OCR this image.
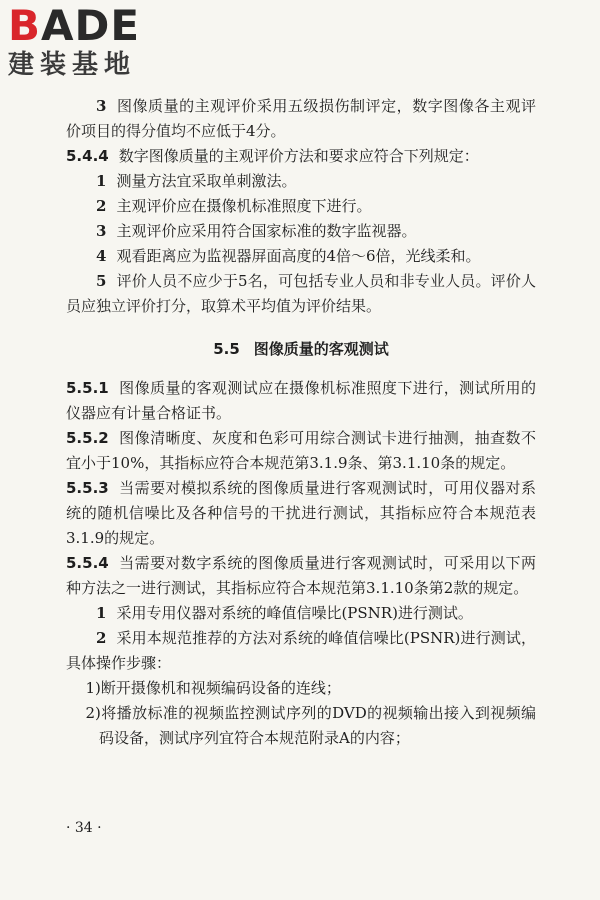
BADE
建装基地
3 图像质量的主观评价采用五级损伤制评定，数字图像各主观评价项目的得分值均不应低于4分。
5.4.4 数字图像质量的主观评价方法和要求应符合下列规定：
1 测量方法宜采取单刺激法。
2 主观评价应在摄像机标准照度下进行。
3 主观评价应采用符合国家标准的数字监视器。
4 观看距离应为监视器屏面高度的4倍～6倍，光线柔和。
5 评价人员不应少于5名，可包括专业人员和非专业人员。评价人员应独立评价打分，取算术平均值为评价结果。
5.5 图像质量的客观测试
5.5.1 图像质量的客观测试应在摄像机标准照度下进行，测试所用的仪器应有计量合格证书。
5.5.2 图像清晰度、灰度和色彩可用综合测试卡进行抽测，抽查数不宜小于10%，其指标应符合本规范第3.1.9条、第3.1.10条的规定。
5.5.3 当需要对模拟系统的图像质量进行客观测试时，可用仪器对系统的随机信噪比及各种信号的干扰进行测试，其指标应符合本规范表3.1.9的规定。
5.5.4 当需要对数字系统的图像质量进行客观测试时，可采用以下两种方法之一进行测试，其指标应符合本规范第3.1.10条第2款的规定。
1 采用专用仪器对系统的峰值信噪比(PSNR)进行测试。
2 采用本规范推荐的方法对系统的峰值信噪比(PSNR)进行测试，具体操作步骤：
1)断开摄像机和视频编码设备的连线；
2)将播放标准的视频监控测试序列的DVD的视频输出接入到视频编码设备，测试序列宜符合本规范附录A的内容；
· 34 ·
